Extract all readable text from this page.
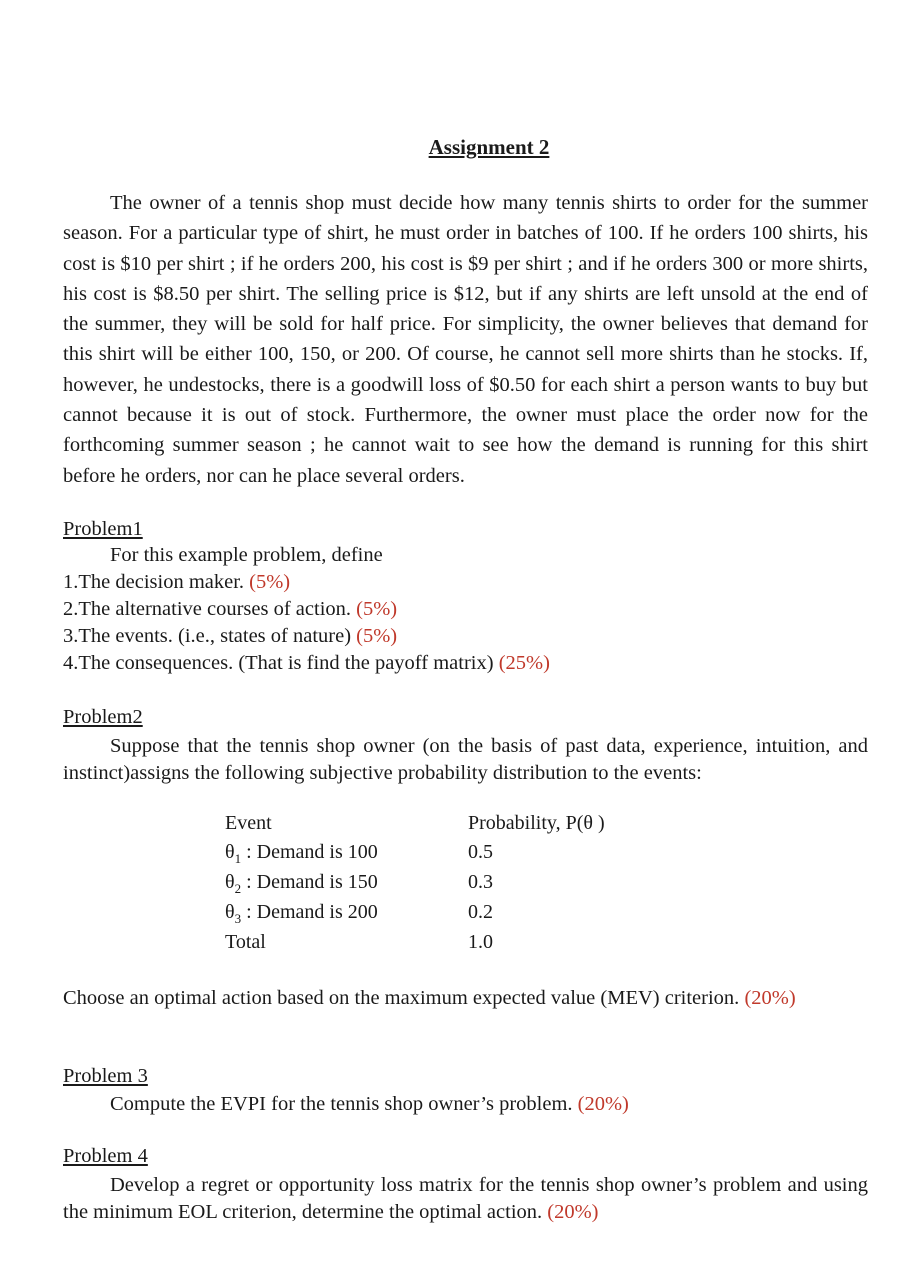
Assignment 2

The owner of a tennis shop must decide how many tennis shirts to order for the summer season. For a particular type of shirt, he must order in batches of 100. If he orders 100 shirts, his cost is $10 per shirt ; if he orders 200, his cost is $9 per shirt ; and if he orders 300 or more shirts, his cost is $8.50 per shirt. The selling price is $12, but if any shirts are left unsold at the end of the summer, they will be sold for half price. For simplicity, the owner believes that demand for this shirt will be either 100, 150, or 200. Of course, he cannot sell more shirts than he stocks. If, however, he undestocks, there is a goodwill loss of $0.50 for each shirt a person wants to buy but cannot because it is out of stock. Furthermore, the owner must place the order now for the forthcoming summer season ; he cannot wait to see how the demand is running for this shirt before he orders, nor can he place several orders.

Problem1
For this example problem, define
1.The decision maker. (5%)
2.The alternative courses of action. (5%)
3.The events. (i.e., states of nature) (5%)
4.The consequences. (That is find the payoff matrix) (25%)
Problem2

Suppose that the tennis shop owner (on the basis of past data, experience, intuition, and instinct)assigns the following subjective probability distribution to the events:

Event	Probability, P(θ )
$\theta_1$ : Demand is 100	0.5
$\theta_2$ : Demand is 150	0.3
$\theta_3$ : Demand is 200	0.2
Total	1.0

Choose an optimal action based on the maximum expected value (MEV) criterion. (20%)

Problem 3
Compute the EVPI for the tennis shop owner’s problem. (20%)
Problem 4

Develop a regret or opportunity loss matrix for the tennis shop owner’s problem and using the minimum EOL criterion, determine the optimal action. (20%)
